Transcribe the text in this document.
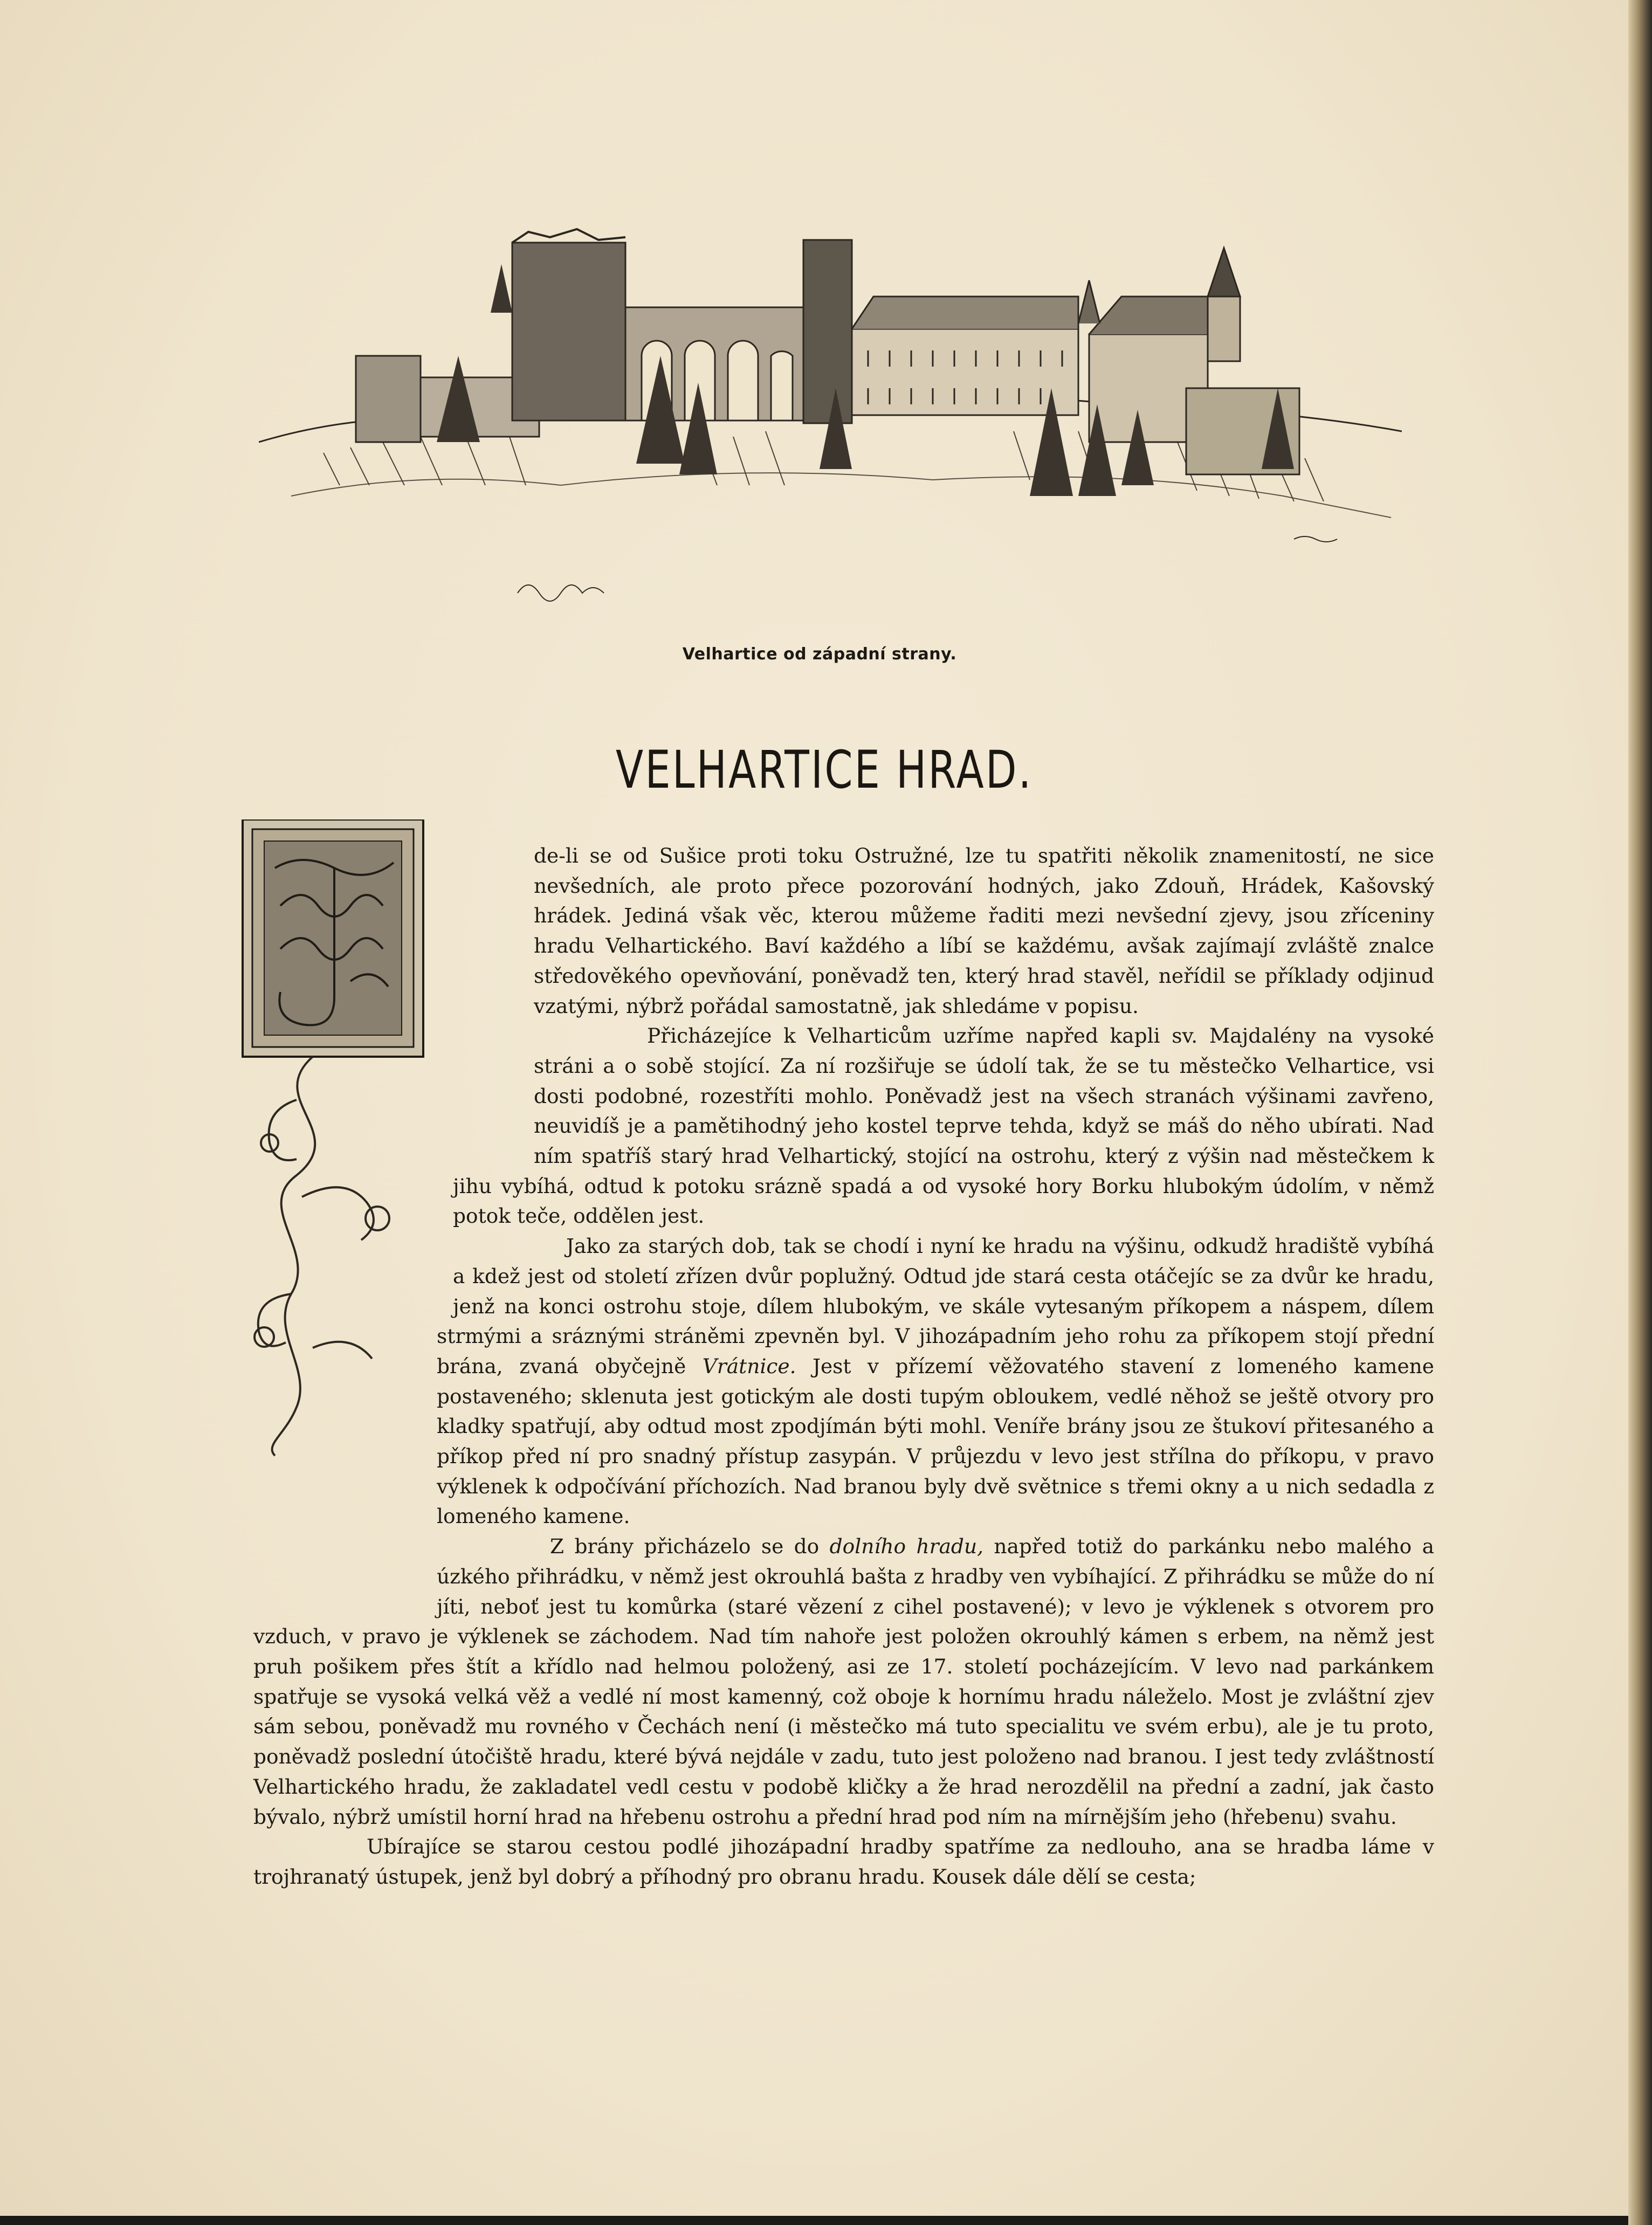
Velhartice od západní strany.
VELHARTICE HRAD.

de-li se od Sušice proti toku Ostružné, lze tu spatřiti několik znamenitostí, ne sice nevšedních, ale proto přece pozorování hodných, jako Zdouň, Hrádek, Kašovský hrádek. Jediná však věc, kterou můžeme řaditi mezi nevšední zjevy, jsou zříceniny hradu Velhartického. Baví každého a líbí se každému, avšak zajímají zvláště znalce středověkého opevňování, poněvadž ten, který hrad stavěl, neřídil se příklady odjinud vzatými, nýbrž pořádal samostatně, jak shledáme v popisu.

Přicházejíce k Velharticům uzříme napřed kapli sv. Majdalény na vysoké stráni a o sobě stojící. Za ní rozšiřuje se údolí tak, že se tu městečko Velhartice, vsi dosti podobné, rozestříti mohlo. Poněvadž jest na všech stranách výšinami zavřeno, neuvidíš je a pamětihodný jeho kostel teprve tehda, když se máš do něho ubírati. Nad ním spatříš starý hrad Velhartický, stojící na ostrohu, který z výšin nad městečkem k jihu vybíhá, odtud k potoku srázně spadá a od vysoké hory Borku hlubokým údolím, v němž potok teče, oddělen jest.

Jako za starých dob, tak se chodí i nyní ke hradu na výšinu, odkudž hradiště vybíhá a kdež jest od století zřízen dvůr poplužný. Odtud jde stará cesta otáčejíc se za dvůr ke hradu, jenž na konci ostrohu stoje, dílem hlubokým, ve skále vytesaným příkopem a náspem, dílem strmými a sráznými stráněmi zpevněn byl. V jihozápadním jeho rohu za příkopem stojí přední brána, zvaná obyčejně Vrátnice. Jest v přízemí věžovatého stavení z lomeného kamene postaveného; sklenuta jest gotickým ale dosti tupým obloukem, vedlé něhož se ještě otvory pro kladky spatřují, aby odtud most zpodjímán býti mohl. Veníře brány jsou ze štukoví přitesaného a příkop před ní pro snadný přístup zasypán. V průjezdu v levo jest střílna do příkopu, v pravo výklenek k odpočívání příchozích. Nad branou byly dvě světnice s třemi okny a u nich sedadla z lomeného kamene.

Z brány přicházelo se do dolního hradu, napřed totiž do parkánku nebo malého a úzkého přihrádku, v němž jest okrouhlá bašta z hradby ven vybíhající. Z přihrádku se může do ní jíti, neboť jest tu komůrka (staré vězení z cihel postavené); v levo je výklenek s otvorem pro vzduch, v pravo je výklenek se záchodem. Nad tím nahoře jest položen okrouhlý kámen s erbem, na němž jest pruh pošikem přes štít a křídlo nad helmou položený, asi ze 17. století pocházejícím. V levo nad parkánkem spatřuje se vysoká velká věž a vedlé ní most kamenný, což oboje k hornímu hradu náleželo. Most je zvláštní zjev sám sebou, poněvadž mu rovného v Čechách není (i městečko má tuto specialitu ve svém erbu), ale je tu proto, poněvadž poslední útočiště hradu, které bývá nejdále v zadu, tuto jest položeno nad branou. I jest tedy zvláštností Velhartického hradu, že zakladatel vedl cestu v podobě kličky a že hrad nerozdělil na přední a zadní, jak často bývalo, nýbrž umístil horní hrad na hřebenu ostrohu a přední hrad pod ním na mírnějším jeho (hřebenu) svahu.

Ubírajíce se starou cestou podlé jihozápadní hradby spatříme za nedlouho, ana se hradba láme v trojhranatý ústupek, jenž byl dobrý a příhodný pro obranu hradu. Kousek dále dělí se cesta;
